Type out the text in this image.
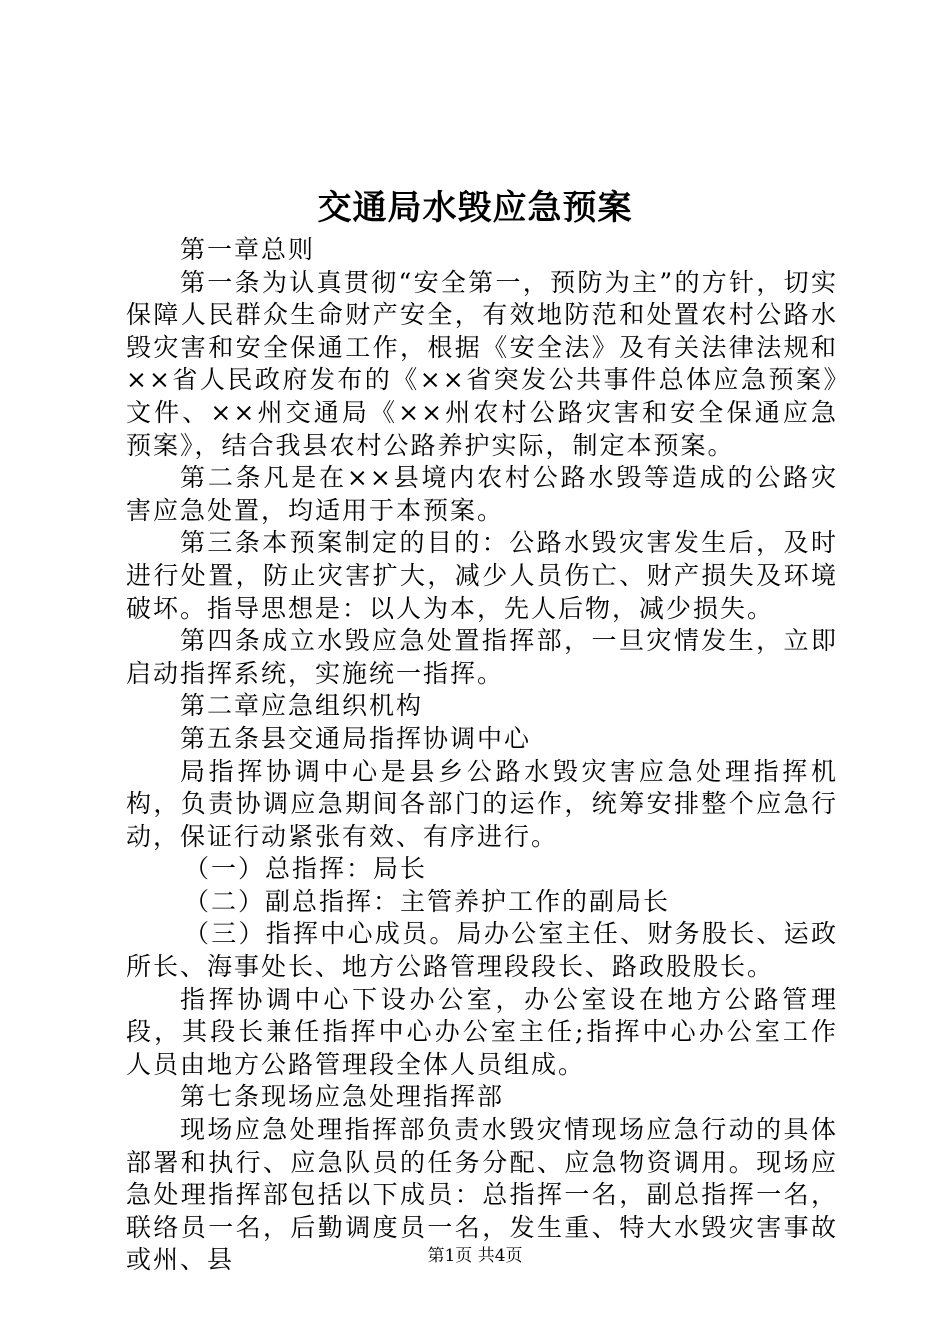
交通局水毁应急预案

第一章总则

第一条为认真贯彻“安全第一，预防为主”的方针，切实保障人民群众生命财产安全，有效地防范和处置农村公路水毁灾害和安全保通工作，根据《安全法》及有关法律法规和××省人民政府发布的《××省突发公共事件总体应急预案》文件、××州交通局《××州农村公路灾害和安全保通应急预案》，结合我县农村公路养护实际，制定本预案。

第二条凡是在××县境内农村公路水毁等造成的公路灾害应急处置，均适用于本预案。

第三条本预案制定的目的：公路水毁灾害发生后，及时进行处置，防止灾害扩大，减少人员伤亡、财产损失及环境破坏。指导思想是：以人为本，先人后物，减少损失。

第四条成立水毁应急处置指挥部，一旦灾情发生，立即启动指挥系统，实施统一指挥。

第二章应急组织机构

第五条县交通局指挥协调中心

局指挥协调中心是县乡公路水毁灾害应急处理指挥机构，负责协调应急期间各部门的运作，统筹安排整个应急行动，保证行动紧张有效、有序进行。

（一）总指挥：局长

（二）副总指挥：主管养护工作的副局长

（三）指挥中心成员。局办公室主任、财务股长、运政所长、海事处长、地方公路管理段段长、路政股股长。

指挥协调中心下设办公室，办公室设在地方公路管理段，其段长兼任指挥中心办公室主任;指挥中心办公室工作人员由地方公路管理段全体人员组成。

第七条现场应急处理指挥部

现场应急处理指挥部负责水毁灾情现场应急行动的具体部署和执行、应急队员的任务分配、应急物资调用。现场应急处理指挥部包括以下成员：总指挥一名，副总指挥一名，联络员一名，后勤调度员一名，发生重、特大水毁灾害事故或州、县	第1页 共4页
